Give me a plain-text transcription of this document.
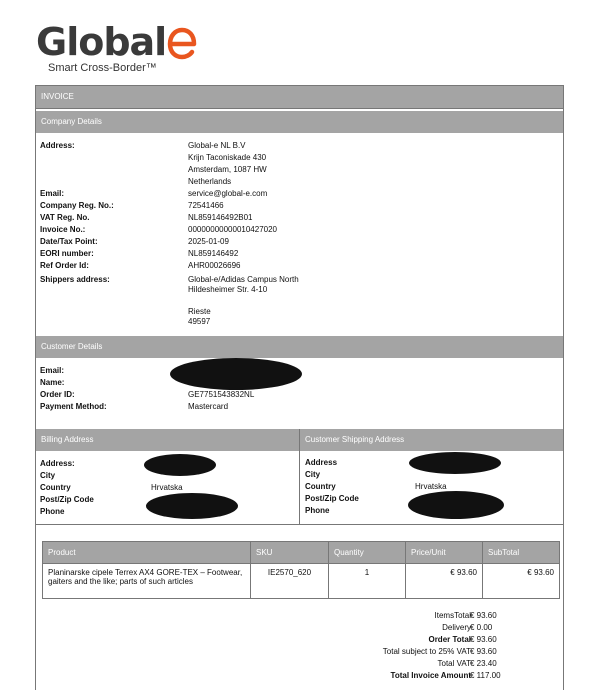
Global
Smart Cross-Border™
INVOICE
Company Details
Address:	Global-e NL B.V
Krijn Taconiskade 430
Amsterdam, 1087 HW
Netherlands
Email:	service@global-e.com
Company Reg. No.:	72541466
VAT Reg. No.	NL859146492B01
Invoice No.:	00000000000010427020
Date/Tax Point:	2025-01-09
EORI number:	NL859146492
Ref Order Id:	AHR00026696
Shippers address:	Global-e/Adidas Campus North
Hildesheimer Str. 4-10
Rieste
49597
Customer Details
Email:
Name:
Order ID:	GE7751543832NL
Payment Method:	Mastercard
Billing Address	Customer Shipping Address
Address:
City
Country	Hrvatska
Post/Zip Code
Phone
Address
City
Country	Hrvatska
Post/Zip Code
Phone
Product	SKU	Quantity	Price/Unit	SubTotal
Planinarske cipele Terrex AX4 GORE-TEX – Footwear, gaiters and the like; parts of such articles	IE2570_620	1	€ 93.60	€ 93.60
ItemsTotal € 93.60
Delivery € 0.00
Order Total € 93.60
Total subject to 25% VAT € 93.60
Total VAT € 23.40
Total Invoice Amount € 117.00
